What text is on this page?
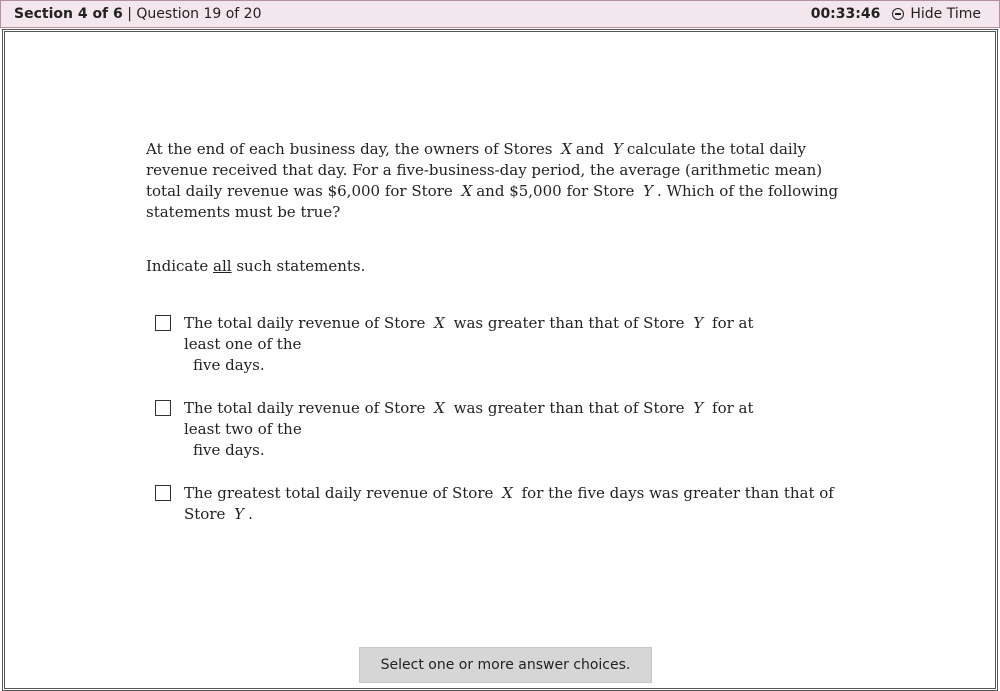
Section 4 of 6 | Question 19 of 20	00:33:46 Hide Time

At the end of each business day, the owners of Stores X and Y calculate the total daily revenue received that day. For a five-business-day period, the average (arithmetic mean) total daily revenue was $6,000 for Store X and $5,000 for Store Y . Which of the following statements must be true?

Indicate all such statements.

The total daily revenue of Store X was greater than that of Store Y for at least one of the
five days.
The total daily revenue of Store X was greater than that of Store Y for at least two of the
five days.
The greatest total daily revenue of Store X for the five days was greater than that of Store Y .
Select one or more answer choices.
